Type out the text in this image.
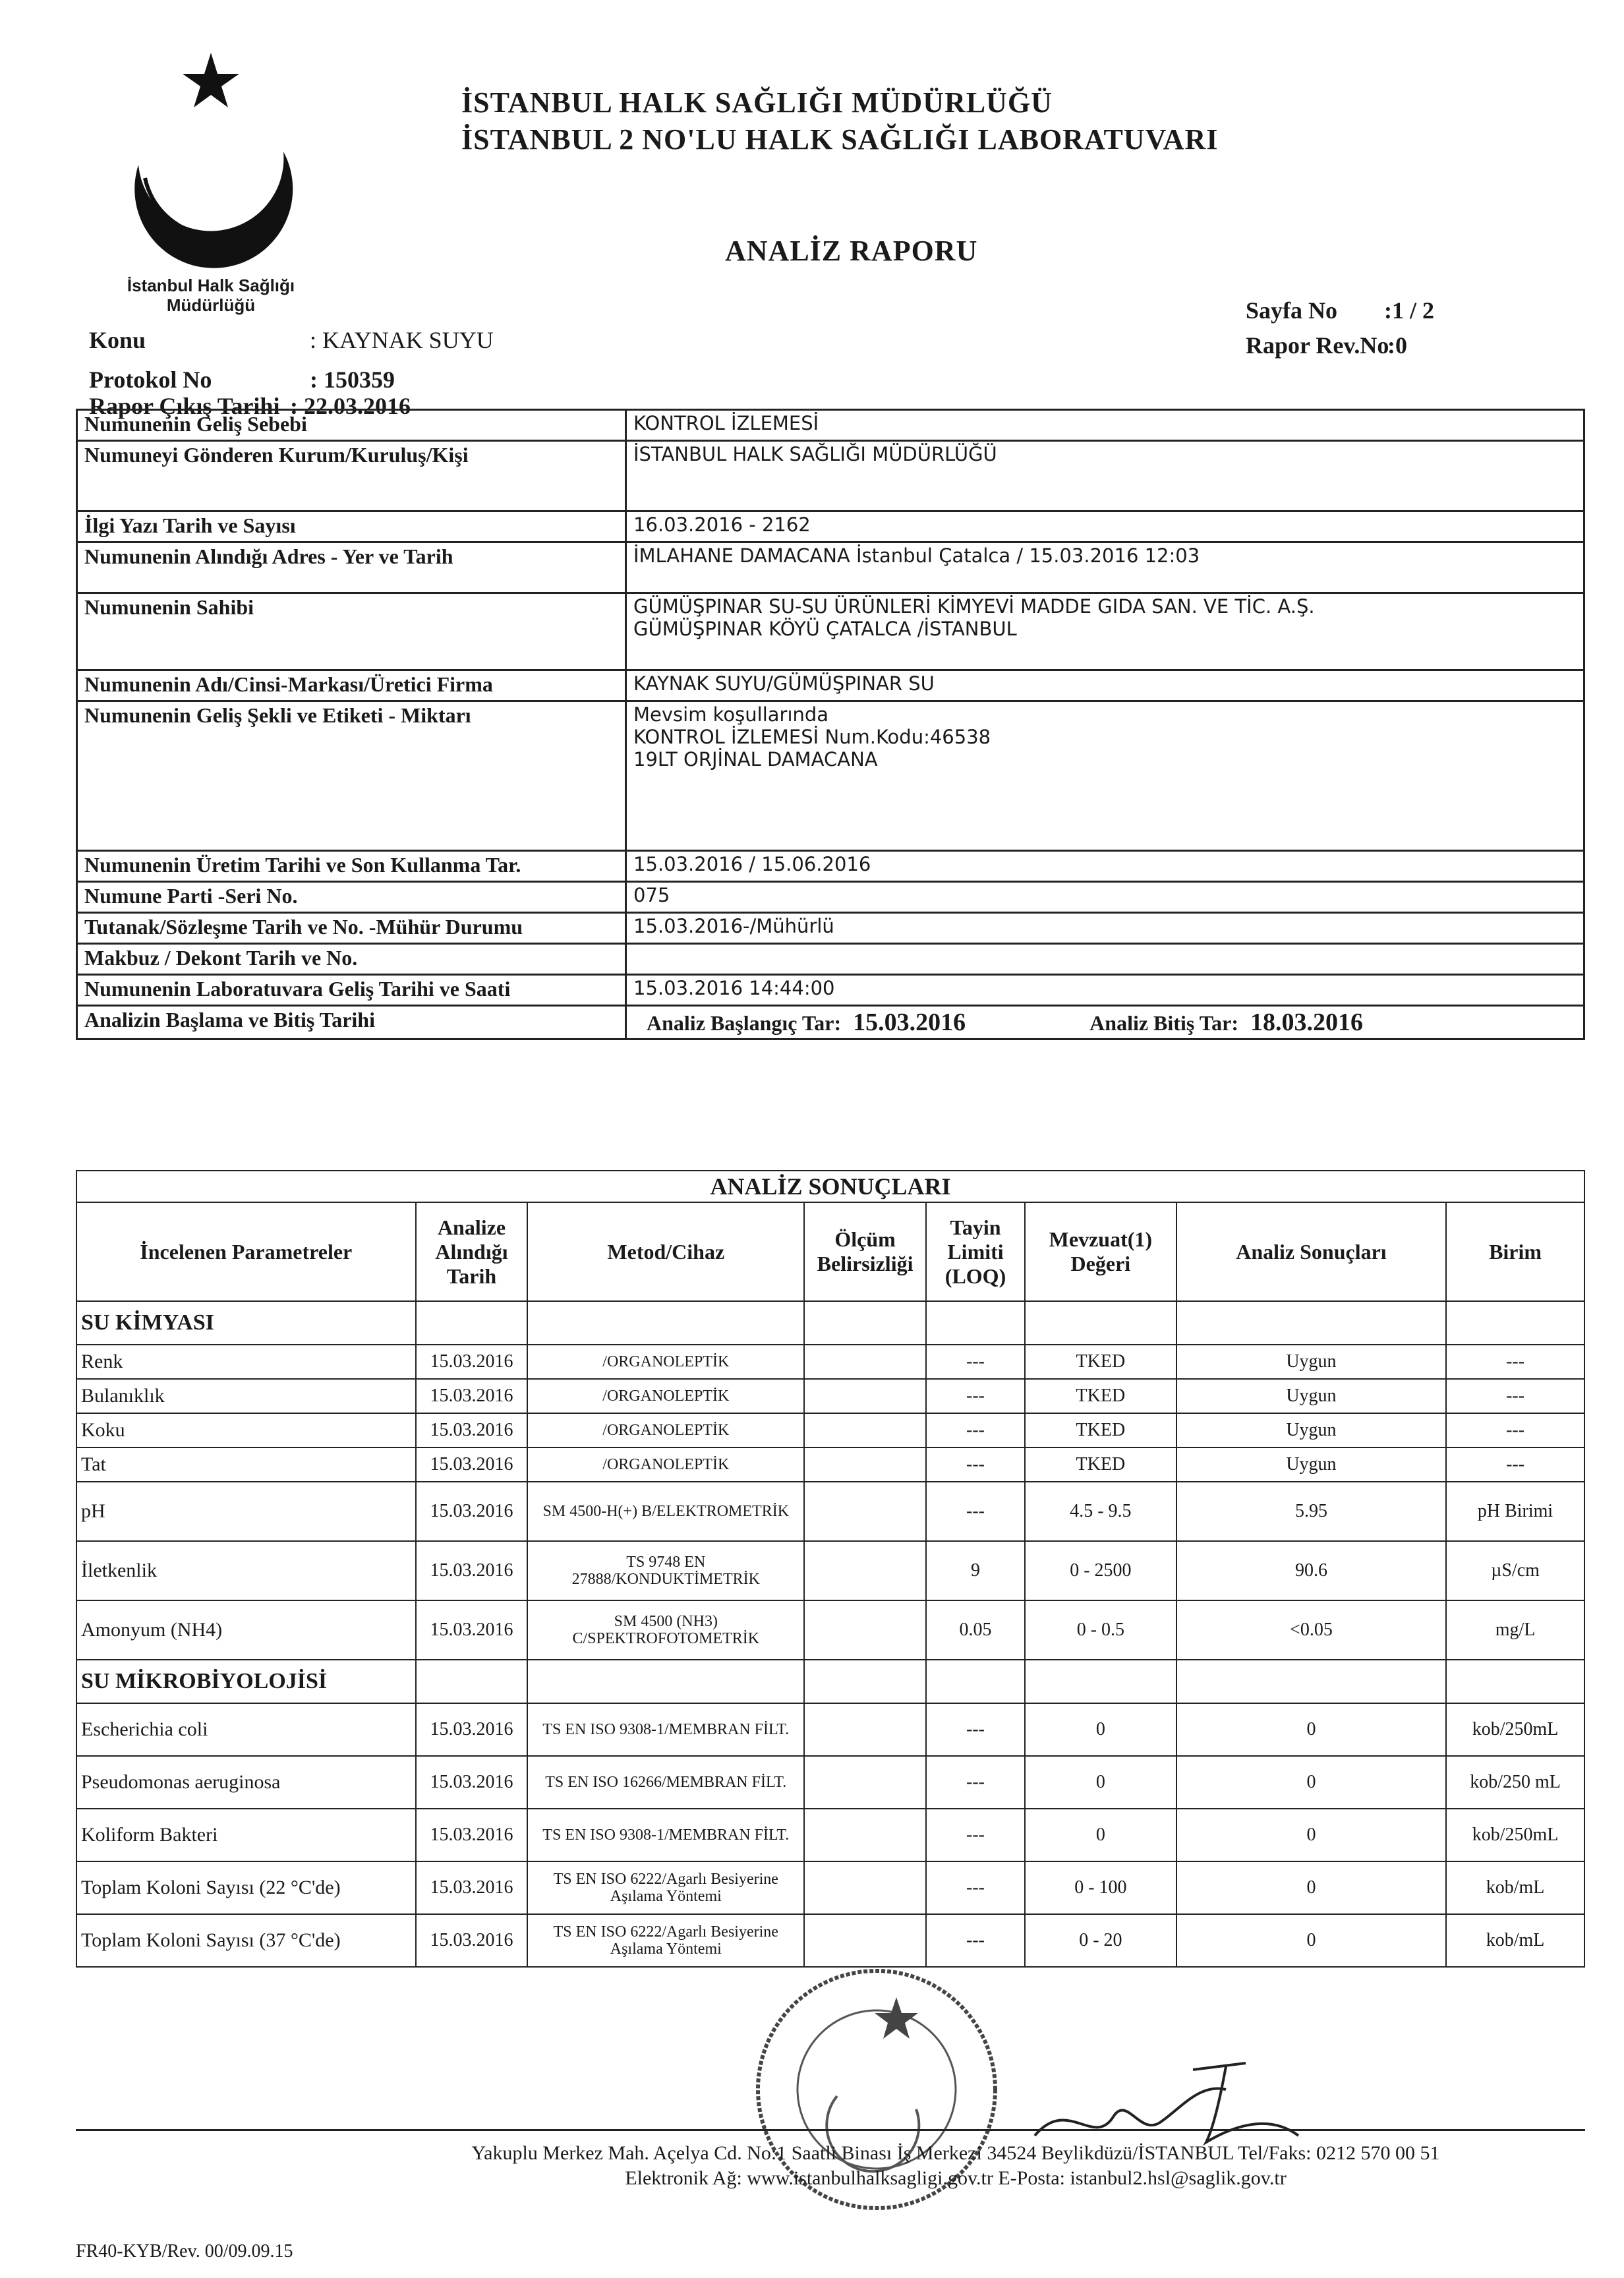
İstanbul Halk Sağlığı
Müdürlüğü
İSTANBUL HALK SAĞLIĞI MÜDÜRLÜĞÜ
İSTANBUL 2 NO'LU HALK SAĞLIĞI LABORATUVARI
ANALİZ RAPORU
Konu	: KAYNAK SUYU
Protokol No	: 150359
Rapor Çıkış Tarihi : 22.03.2016
Sayfa No :1 / 2
Rapor Rev.No
:0
Numunenin Geliş Sebebi	KONTROL İZLEMESİ
Numuneyi Gönderen Kurum/Kuruluş/Kişi	İSTANBUL HALK SAĞLIĞI MÜDÜRLÜĞÜ
İlgi Yazı Tarih ve Sayısı	16.03.2016 - 2162
Numunenin Alındığı Adres - Yer ve Tarih	İMLAHANE DAMACANA İstanbul Çatalca / 15.03.2016 12:03
Numunenin Sahibi	GÜMÜŞPINAR SU-SU ÜRÜNLERİ KİMYEVİ MADDE GIDA SAN. VE TİC. A.Ş.
GÜMÜŞPINAR KÖYÜ ÇATALCA /İSTANBUL

Numunenin Adı/Cinsi-Markası/Üretici Firma	KAYNAK SUYU/GÜMÜŞPINAR SU
Numunenin Geliş Şekli ve Etiketi - Miktarı	Mevsim koşullarında
KONTROL İZLEMESİ Num.Kodu:46538
19LT ORJİNAL DAMACANA

Numunenin Üretim Tarihi ve Son Kullanma Tar.	15.03.2016 / 15.06.2016
Numune Parti -Seri No.	075
Tutanak/Sözleşme Tarih ve No. -Mühür Durumu	15.03.2016-/Mühürlü
Makbuz / Dekont Tarih ve No.	
Numunenin Laboratuvara Geliş Tarihi ve Saati	15.03.2016 14:44:00
Analizin Başlama ve Bitiş Tarihi	Analiz Başlangıç Tar: 15.03.2016 Analiz Bitiş Tar: 18.03.2016
ANALİZ SONUÇLARI							
İncelenen Parametreler	Analize Alındığı Tarih	Metod/Cihaz	Ölçüm Belirsizliği	Tayin Limiti (LOQ)	Mevzuat(1) Değeri	Analiz Sonuçları	Birim
SU KİMYASI							
Renk	15.03.2016	/ORGANOLEPTİK		---	TKED	Uygun	---
Bulanıklık	15.03.2016	/ORGANOLEPTİK		---	TKED	Uygun	---
Koku	15.03.2016	/ORGANOLEPTİK		---	TKED	Uygun	---
Tat	15.03.2016	/ORGANOLEPTİK		---	TKED	Uygun	---
pH	15.03.2016	SM 4500-H(+) B/ELEKTROMETRİK		---	4.5 - 9.5	5.95	pH Birimi
İletkenlik	15.03.2016	TS 9748 EN 27888/KONDUKTİMETRİK		9	0 - 2500	90.6	µS/cm
Amonyum (NH4)	15.03.2016	SM 4500 (NH3) C/SPEKTROFOTOMETRİK		0.05	0 - 0.5	<0.05	mg/L
SU MİKROBİYOLOJİSİ							
Escherichia coli	15.03.2016	TS EN ISO 9308-1/MEMBRAN FİLT.		---	0	0	kob/250mL
Pseudomonas aeruginosa	15.03.2016	TS EN ISO 16266/MEMBRAN FİLT.		---	0	0	kob/250 mL
Koliform Bakteri	15.03.2016	TS EN ISO 9308-1/MEMBRAN FİLT.		---	0	0	kob/250mL
Toplam Koloni Sayısı (22 °C'de)	15.03.2016	TS EN ISO 6222/Agarlı Besiyerine Aşılama Yöntemi		---	0 - 100	0	kob/mL
Toplam Koloni Sayısı (37 °C'de)	15.03.2016	TS EN ISO 6222/Agarlı Besiyerine Aşılama Yöntemi		---	0 - 20	0	kob/mL
Yakuplu Merkez Mah. Açelya Cd. No:1 Saatli Binası İş Merkezi 34524 Beylikdüzü/İSTANBUL Tel/Faks: 0212 570 00 51
Elektronik Ağ: www.istanbulhalksagligi.gov.tr E-Posta: istanbul2.hsl@saglik.gov.tr
FR40-KYB/Rev. 00/09.09.15
